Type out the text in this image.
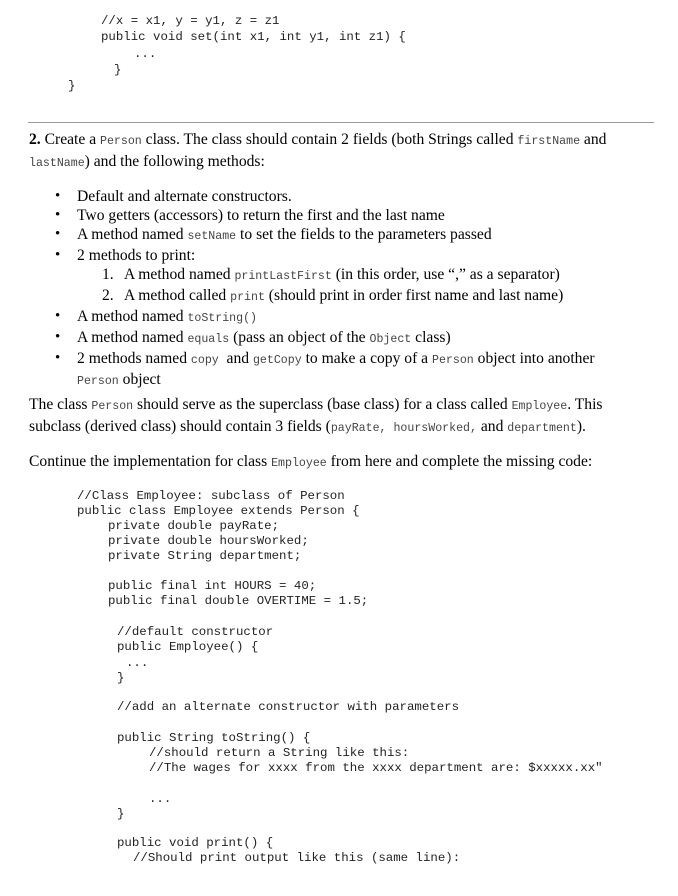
//x = x1, y = y1, z = z1
public void set(int x1, int y1, int z1) {
...
}
}
2. Create a Person class. The class should contain 2 fields (both Strings called firstName and lastName) and the following methods:
• Default and alternate constructors.
• Two getters (accessors) to return the first and the last name
• A method named setName to set the fields to the parameters passed
• 2 methods to print:
1. A method named printLastFirst (in this order, use “,” as a separator)
2. A method called print (should print in order first name and last name)
• A method named toString()
• A method named equals (pass an object of the Object class)
• 2 methods named copy  and getCopy to make a copy of a Person object into another
Person object
The class Person should serve as the superclass (base class) for a class called Employee. This subclass (derived class) should contain 3 fields (payRate, hoursWorked, and department).
Continue the implementation for class Employee from here and complete the missing code:
//Class Employee: subclass of Person
public class Employee extends Person {
private double payRate;
private double hoursWorked;
private String department;
public final int HOURS = 40;
public final double OVERTIME = 1.5;
//default constructor
public Employee() {
...
}
//add an alternate constructor with parameters
public String toString() {
//should return a String like this:
//The wages for xxxx from the xxxx department are: $xxxxx.xx"
...
}
public void print() {
//Should print output like this (same line):
